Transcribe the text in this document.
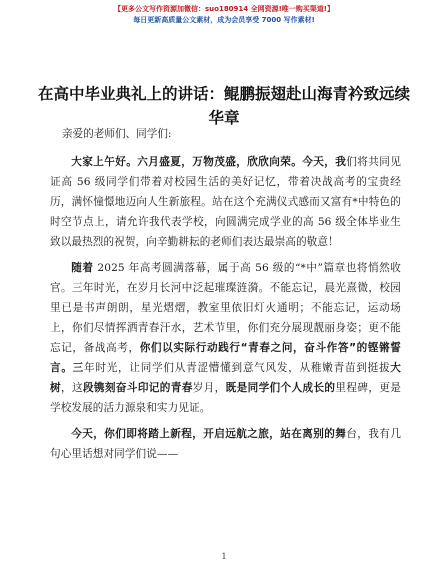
【更多公文写作资源加微信：suo180914 全网资源!唯一购买渠道!】
每日更新高质量公文素材，成为会员享受 7000 写作素材!
在高中毕业典礼上的讲话：鲲鹏振翅赴山海青衿致远续华章
亲爱的老师们、同学们:

大家上午好。六月盛夏，万物茂盛，欣欣向荣。今天，我们将共同见证高 56 级同学们带着对校园生活的美好记忆，带着决战高考的宝贵经历，满怀憧憬地迈向人生新旅程。站在这个充满仪式感而又富有*中特色的时空节点上，请允许我代表学校，向圆满完成学业的高 56 级全体毕业生致以最热烈的祝贺，向辛勤耕耘的老师们表达最崇高的敬意！

随着 2025 年高考圆满落幕，属于高 56 级的“*中”篇章也将悄然收官。三年时光，在岁月长河中泛起璀璨涟漪。不能忘记，晨光熹微，校园里已是书声朗朗，星光熠熠，教室里依旧灯火通明；不能忘记，运动场上，你们尽情挥洒青春汗水，艺术节里，你们充分展现靓丽身姿；更不能忘记，备战高考，你们以实际行动践行“青春之问，奋斗作答”的铿锵誓言。三年时光，让同学们从青涩懵懂到意气风发，从稚嫩青苗到挺拔大树，这段镌刻奋斗印记的青春岁月，既是同学们个人成长的里程碑，更是学校发展的活力源泉和实力见证。

今天，你们即将踏上新程，开启远航之旅，站在离别的舞台，我有几句心里话想对同学们说——

1
